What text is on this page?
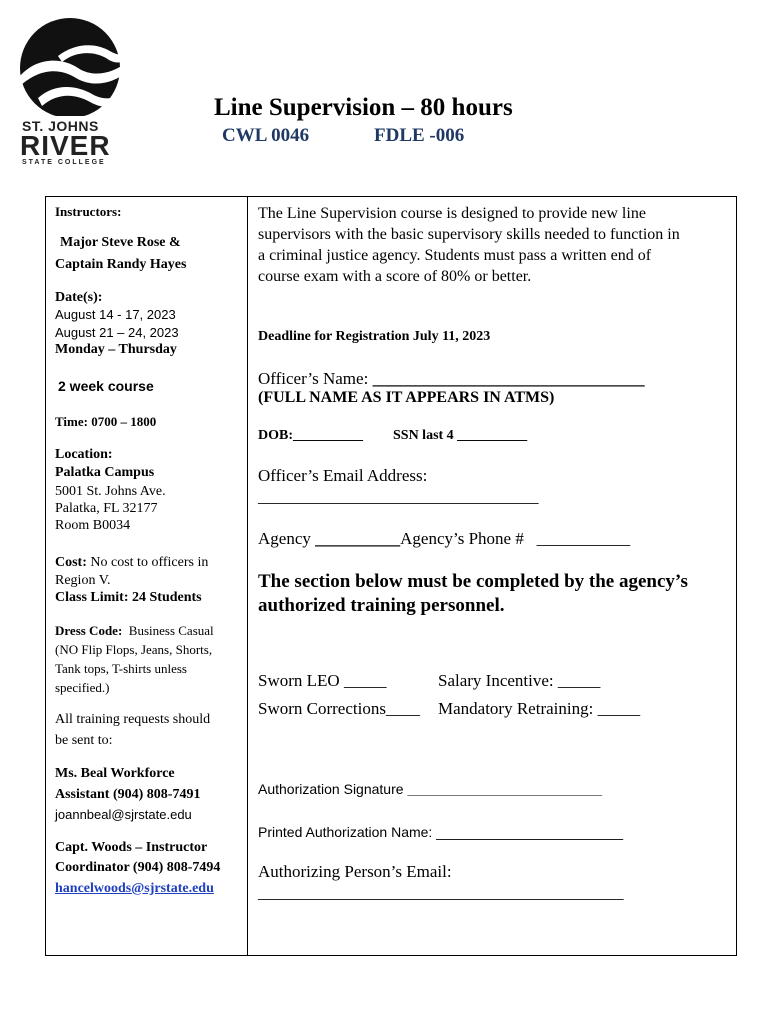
ST. JOHNS
RIVER
STATE COLLEGE
Line Supervision – 80 hours
CWL 0046	FDLE -006
Instructors:
Major Steve Rose &
Captain Randy Hayes
Date(s):
August 14 - 17, 2023
August 21 – 24, 2023
Monday – Thursday
2 week course
Time: 0700 – 1800
Location:
Palatka Campus
5001 St. Johns Ave.
Palatka, FL 32177
Room B0034
Cost: No cost to officers in
Region V.
Class Limit: 24 Students
Dress Code:  Business Casual
(NO Flip Flops, Jeans, Shorts,
Tank tops, T-shirts unless
specified.)
All training requests should
be sent to:
Ms. Beal Workforce
Assistant (904) 808-7491
joannbeal@sjrstate.edu
Capt. Woods – Instructor
Coordinator (904) 808-7494
hancelwoods@sjrstate.edu
The Line Supervision course is designed to provide new line
supervisors with the basic supervisory skills needed to function in
a criminal justice agency. Students must pass a written end of
course exam with a score of 80% or better.
Deadline for Registration July 11, 2023
Officer’s Name: ________________________________
(FULL NAME AS IT APPEARS IN ATMS)
DOB:__________ SSN last 4 __________
Officer’s Email Address:
_________________________________
Agency __________Agency’s Phone #   ___________
The section below must be completed by the agency’s
authorized training personnel.
Sworn LEO _____	Salary Incentive: _____
Sworn Corrections____ Mandatory Retraining: _____
Authorization Signature _________________________
Printed Authorization Name: ________________________
Authorizing Person’s Email:
___________________________________________
